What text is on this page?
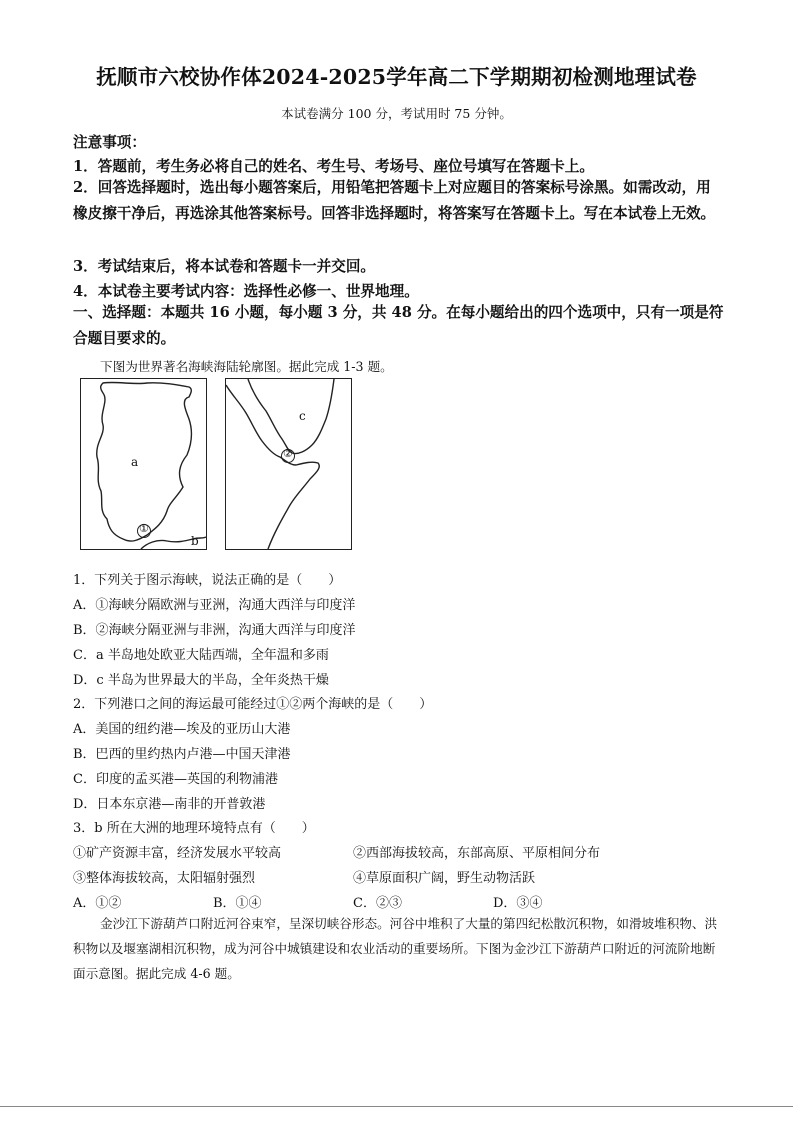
抚顺市六校协作体2024-2025学年高二下学期期初检测地理试卷
本试卷满分 100 分，考试用时 75 分钟。
注意事项：
1．答题前，考生务必将自己的姓名、考生号、考场号、座位号填写在答题卡上。
2．回答选择题时，选出每小题答案后，用铅笔把答题卡上对应题目的答案标号涂黑。如需改动，用橡皮擦干净后，再选涂其他答案标号。回答非选择题时，将答案写在答题卡上。写在本试卷上无效。
3．考试结束后，将本试卷和答题卡一并交回。
4．本试卷主要考试内容：选择性必修一、世界地理。
一、选择题：本题共 16 小题，每小题 3 分，共 48 分。在每小题给出的四个选项中，只有一项是符合题目要求的。
下图为世界著名海峡海陆轮廓图。据此完成 1-3 题。
a
①
b
c
②
1．下列关于图示海峡，说法正确的是（　　）
A．①海峡分隔欧洲与亚洲，沟通大西洋与印度洋
B．②海峡分隔亚洲与非洲，沟通大西洋与印度洋
C．a 半岛地处欧亚大陆西端，全年温和多雨
D．c 半岛为世界最大的半岛，全年炎热干燥
2．下列港口之间的海运最可能经过①②两个海峡的是（　　）
A．美国的纽约港—埃及的亚历山大港
B．巴西的里约热内卢港—中国天津港
C．印度的孟买港—英国的利物浦港
D．日本东京港—南非的开普敦港
3．b 所在大洲的地理环境特点有（　　）
①矿产资源丰富，经济发展水平较高	②西部海拔较高，东部高原、平原相间分布
③整体海拔较高，太阳辐射强烈	④草原面积广阔，野生动物活跃
A．①②	B．①④	C．②③	D．③④
金沙江下游葫芦口附近河谷束窄，呈深切峡谷形态。河谷中堆积了大量的第四纪松散沉积物，如滑坡堆积物、洪积物以及堰塞湖相沉积物，成为河谷中城镇建设和农业活动的重要场所。下图为金沙江下游葫芦口附近的河流阶地断面示意图。据此完成 4-6 题。
